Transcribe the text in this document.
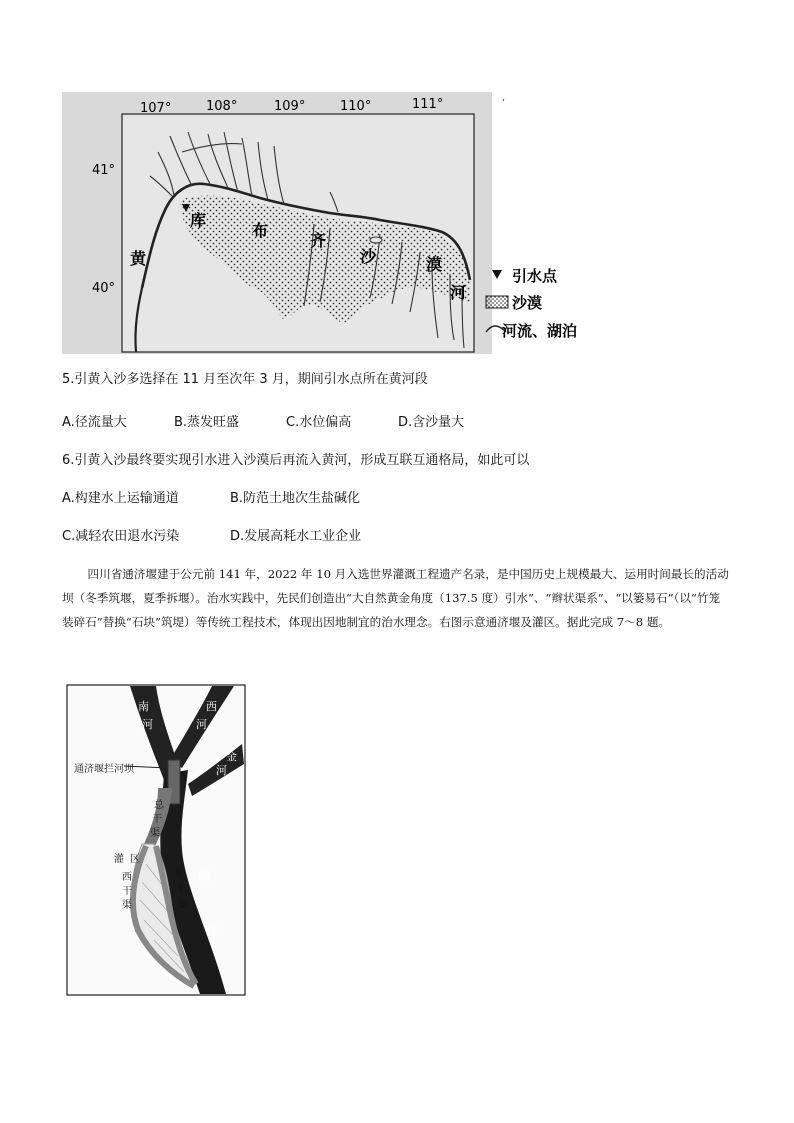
107°	108°	109°	110°	111°
41°
40°
黄
河
库
布
齐
沙	漠
ʻ
引水点
沙漠
河流、湖泊
5.引黄入沙多选择在 11 月至次年 3 月，期间引水点所在黄河段
A.径流量大	B.蒸发旺盛	C.水位偏高	D.含沙量大
6.引黄入沙最终要实现引水进入沙漠后再流入黄河，形成互联互通格局，如此可以
A.构建水上运输通道	B.防范土地次生盐碱化
C.减轻农田退水污染	D.发展高耗水工业企业
四川省通济堰建于公元前 141 年，2022 年 10 月入选世界灌溉工程遗产名录，是中国历史上规模最大、运用时间最长的活动坝（冬季筑堰，夏季拆堰）。治水实践中，先民们创造出“大自然黄金角度（137.5 度）引水”、“辫状渠系”、“以篓易石”（以“竹笼装碎石”替换“石块”筑堤）等传统工程技术，体现出因地制宜的治水理念。右图示意通济堰及灌区。据此完成 7～8 题。
南
河
西
河
金
河
岷
江
通济堰拦河坝
总
干
渠
灌 区
西
干
渠
东
干
渠
